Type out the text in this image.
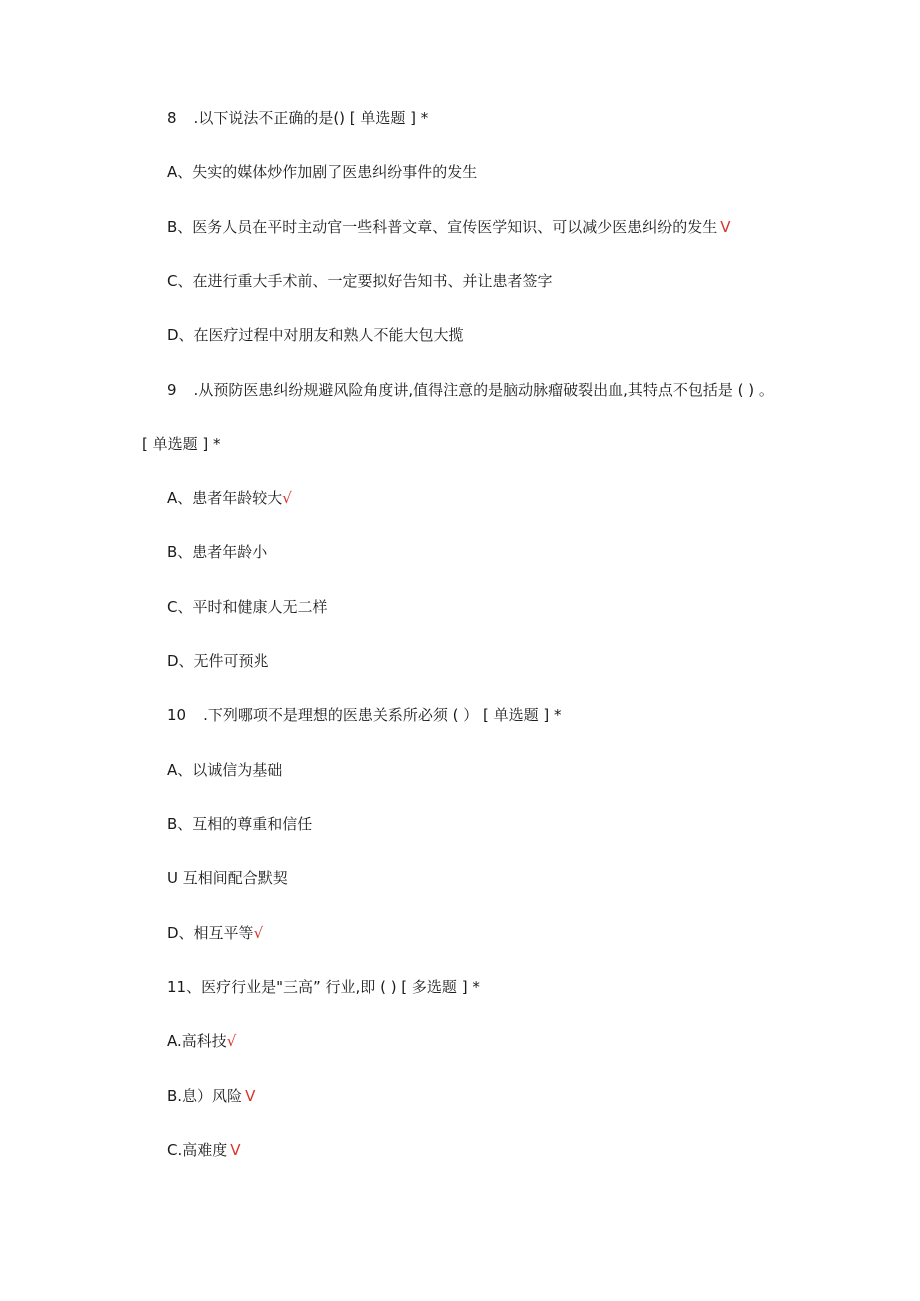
8 .以下说法不正确的是() [ 单选题 ] *
A、失实的媒体炒作加剧了医患纠纷事件的发生
B、医务人员在平时主动官一些科普文章、宣传医学知识、可以减少医患纠纷的发生 V
C、在进行重大手术前、一定要拟好告知书、并让患者签字
D、在医疗过程中对朋友和熟人不能大包大揽
9 .从预防医患纠纷规避风险角度讲,值得注意的是脑动脉瘤破裂出血,其特点不包括是 ( ) 。
[ 单选题 ] *
A、患者年龄较大√
B、患者年龄小
C、平时和健康人无二样
D、无件可预兆
10 .下列哪项不是理想的医患关系所必须 ( ） [ 单选题 ] *
A、以诚信为基础
B、互相的尊重和信任
U 互相间配合默契
D、相互平等√
11、医疗行业是"三高” 行业,即 ( ) [ 多选题 ] *
A.高科技√
B.息）风险 V
C.高难度 V
